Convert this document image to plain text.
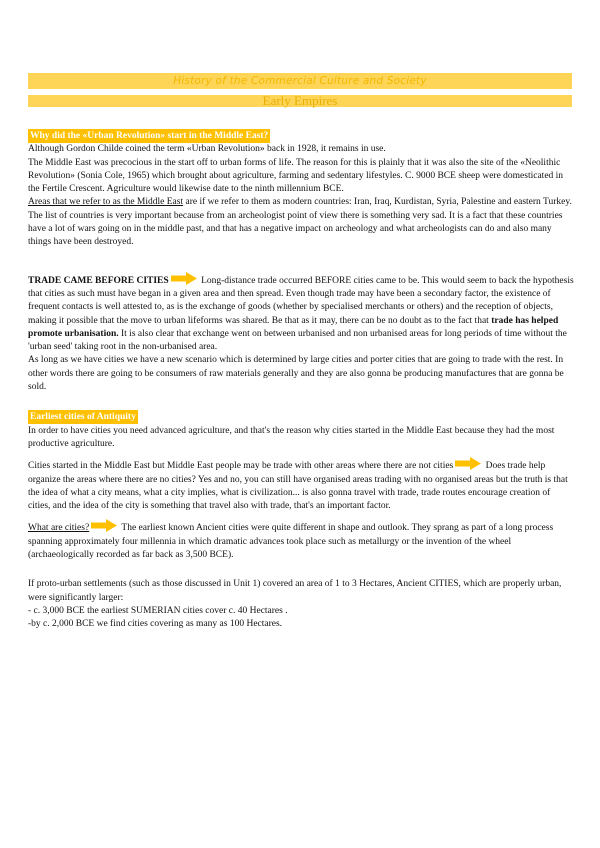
History of the Commercial Culture and Society
Early Empires

Why did the «Urban Revolution» start in the Middle East?

Although Gordon Childe coined the term «Urban Revolution» back in 1928, it remains in use.

The Middle East was precocious in the start off to urban forms of life. The reason for this is plainly that it was also the site of the «Neolithic Revolution» (Sonia Cole, 1965) which brought about agriculture, farming and sedentary lifestyles. C. 9000 BCE sheep were domesticated in the Fertile Crescent. Agriculture would likewise date to the ninth millennium BCE.

Areas that we refer to as the Middle East are if we refer to them as modern countries: Iran, Iraq, Kurdistan, Syria, Palestine and eastern Turkey.

The list of countries is very important because from an archeologist point of view there is something very sad. It is a fact that these countries have a lot of wars going on in the middle past, and that has a negative impact on archeology and what archeologists can do and also many things have been destroyed.

TRADE CAME BEFORE CITIES	Long-distance trade occurred BEFORE cities came to be. This would seem to back the hypothesis that cities as such must have began in a given area and then spread. Even though trade may have been a secondary factor, the existence of frequent contacts is well attested to, as is the exchange of goods (whether by specialised merchants or others) and the reception of objects, making it possible that the move to urban lifeforms was shared. Be that as it may, there can be no doubt as to the fact that trade has helped promote urbanisation. It is also clear that exchange went on between urbanised and non urbanised areas for long periods of time without the 'urban seed' taking root in the non-urbanised area.

As long as we have cities we have a new scenario which is determined by large cities and porter cities that are going to trade with the rest. In other words there are going to be consumers of raw materials generally and they are also gonna be producing manufactures that are gonna be sold.

Earliest cities of Antiquity

In order to have cities you need advanced agriculture, and that's the reason why cities started in the Middle East because they had the most productive agriculture.

Cities started in the Middle East but Middle East people may be trade with other areas where there are not cities	Does trade help organize the areas where there are no cities? Yes and no, you can still have organised areas trading with no organised areas but the truth is that the idea of what a city means, what a city implies, what is civilization... is also gonna travel with trade, trade routes encourage creation of cities, and the idea of the city is something that travel also with trade, that's an important factor.

What are cities?	The earliest known Ancient cities were quite different in shape and outlook. They sprang as part of a long process spanning approximately four millennia in which dramatic advances took place such as metallurgy or the invention of the wheel (archaeologically recorded as far back as 3,500 BCE).

If proto-urban settlements (such as those discussed in Unit 1) covered an area of 1 to 3 Hectares, Ancient CITIES, which are properly urban, were significantly larger:

- c. 3,000 BCE the earliest SUMERIAN cities cover c. 40 Hectares .

-by c. 2,000 BCE we find cities covering as many as 100 Hectares.
